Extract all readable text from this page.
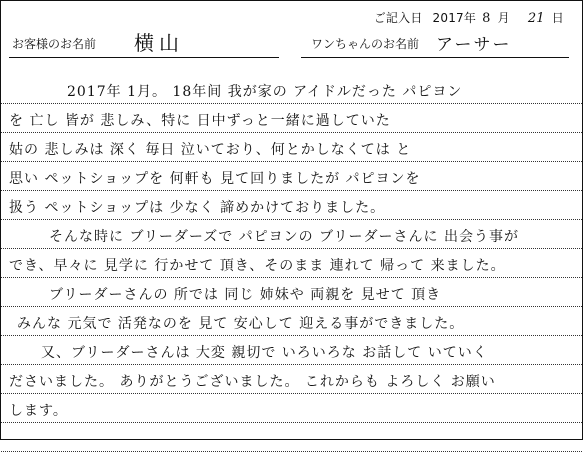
ご記入日 2017年 8 月 21 日
お客様のお名前 横山	ワンちゃんのお名前 アーサー
2017年 1月。 18年间 我が家の アイドルだった パピヨン
を 亡し 皆が 悲しみ、特に 日中ずっと一緒に過していた
姑の 悲しみは 深く 毎日 泣いており、何とかしなくては と
思い ペットショップを 何軒も 見て回りましたが パピヨンを
扱う ペットショップは 少なく 諦めかけておりました。
そんな時に ブリーダーズで パピヨンの ブリーダーさんに 出会う事が
でき、早々に 見学に 行かせて 頂き、そのまま 連れて 帰って 来ました。
ブリーダーさんの 所では 同じ 姉妹や 両親を 見せて 頂き
みんな 元気で 活発なのを 見て 安心して 迎える事ができました。
又、ブリーダーさんは 大変 親切で いろいろな お話して いていく
ださいました。 ありがとうございました。 これからも よろしく お願い
します。
